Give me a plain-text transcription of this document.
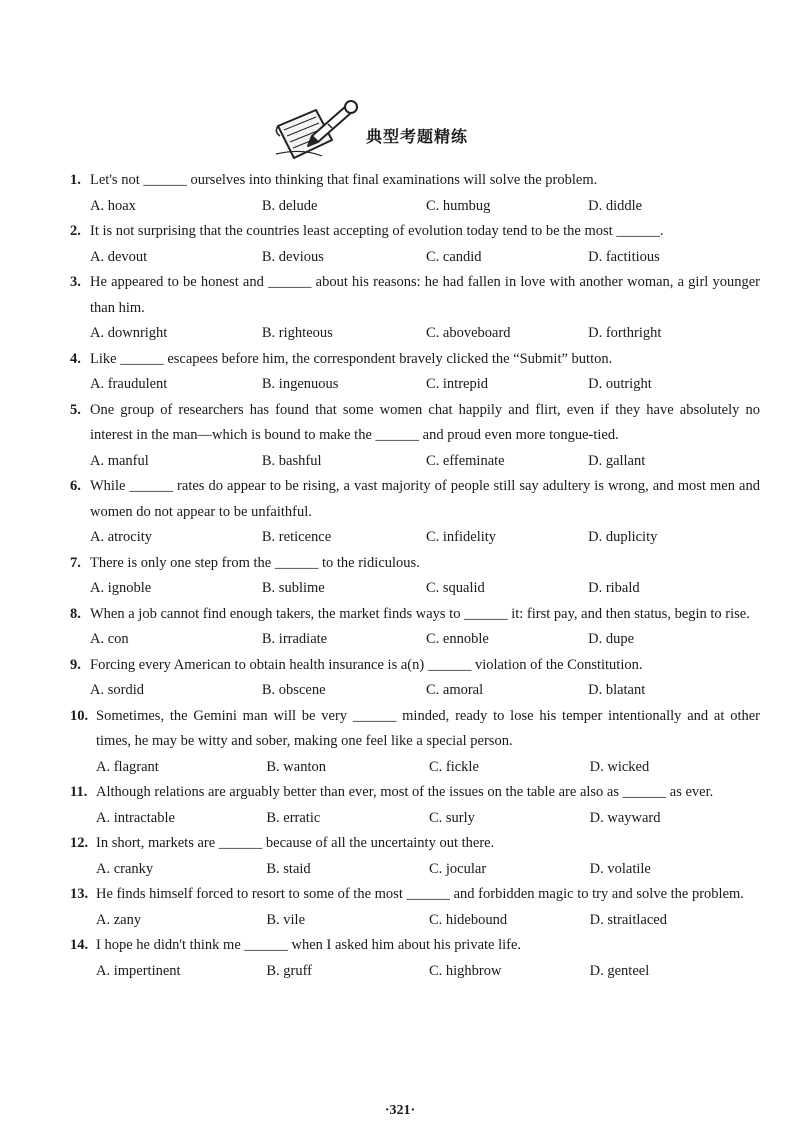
典型考题精练
1. Let's not ______ ourselves into thinking that final examinations will solve the problem.
A. hoax	B. delude	C. humbug	D. diddle
2. It is not surprising that the countries least accepting of evolution today tend to be the most ______.
A. devout	B. devious	C. candid	D. factitious
3. He appeared to be honest and ______ about his reasons: he had fallen in love with another woman, a girl younger than him.
A. downright	B. righteous	C. aboveboard	D. forthright
4. Like ______ escapees before him, the correspondent bravely clicked the “Submit” button.
A. fraudulent	B. ingenuous	C. intrepid	D. outright
5. One group of researchers has found that some women chat happily and flirt, even if they have absolutely no interest in the man—which is bound to make the ______ and proud even more tongue-tied.
A. manful	B. bashful	C. effeminate	D. gallant
6. While ______ rates do appear to be rising, a vast majority of people still say adultery is wrong, and most men and women do not appear to be unfaithful.
A. atrocity	B. reticence	C. infidelity	D. duplicity
7. There is only one step from the ______ to the ridiculous.
A. ignoble	B. sublime	C. squalid	D. ribald
8. When a job cannot find enough takers, the market finds ways to ______ it: first pay, and then status, begin to rise.
A. con	B. irradiate	C. ennoble	D. dupe
9. Forcing every American to obtain health insurance is a(n) ______ violation of the Constitution.
A. sordid	B. obscene	C. amoral	D. blatant
10. Sometimes, the Gemini man will be very ______ minded, ready to lose his temper intentionally and at other times, he may be witty and sober, making one feel like a special person.
A. flagrant	B. wanton	C. fickle	D. wicked
11. Although relations are arguably better than ever, most of the issues on the table are also as ______ as ever.
A. intractable	B. erratic	C. surly	D. wayward
12. In short, markets are ______ because of all the uncertainty out there.
A. cranky	B. staid	C. jocular	D. volatile
13. He finds himself forced to resort to some of the most ______ and forbidden magic to try and solve the problem.
A. zany	B. vile	C. hidebound	D. straitlaced
14. I hope he didn't think me ______ when I asked him about his private life.
A. impertinent	B. gruff	C. highbrow	D. genteel
·321·
